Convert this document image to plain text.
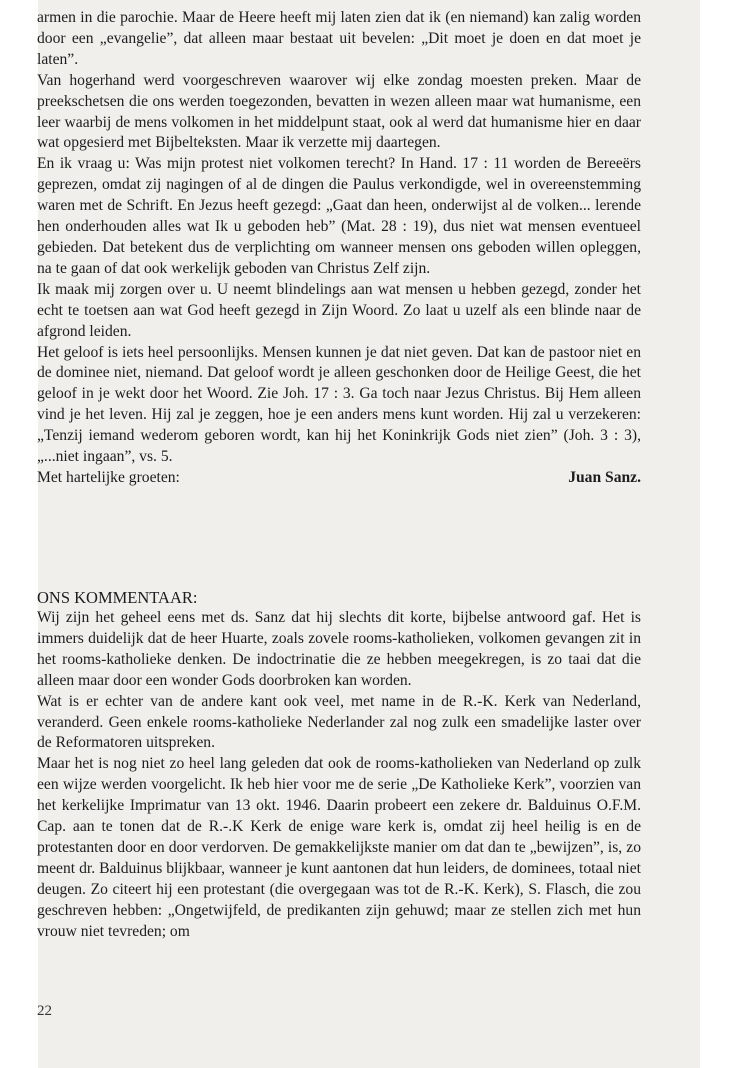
armen in die parochie. Maar de Heere heeft mij laten zien dat ik (en niemand) kan zalig worden door een „evangelie”, dat alleen maar bestaat uit bevelen: „Dit moet je doen en dat moet je laten”.

Van hogerhand werd voorgeschreven waarover wij elke zondag moesten preken. Maar de preekschetsen die ons werden toegezonden, bevatten in wezen alleen maar wat humanisme, een leer waarbij de mens volkomen in het middelpunt staat, ook al werd dat humanisme hier en daar wat opgesierd met Bijbelteksten. Maar ik verzette mij daartegen.

En ik vraag u: Was mijn protest niet volkomen terecht? In Hand. 17 : 11 worden de Bereeërs geprezen, omdat zij nagingen of al de dingen die Paulus verkondigde, wel in overeenstemming waren met de Schrift. En Jezus heeft gezegd: „Gaat dan heen, onderwijst al de volken... lerende hen onderhouden alles wat Ik u geboden heb” (Mat. 28 : 19), dus niet wat mensen eventueel gebieden. Dat betekent dus de verplichting om wanneer mensen ons geboden willen opleggen, na te gaan of dat ook werkelijk geboden van Christus Zelf zijn.

Ik maak mij zorgen over u. U neemt blindelings aan wat mensen u hebben gezegd, zonder het echt te toetsen aan wat God heeft gezegd in Zijn Woord. Zo laat u uzelf als een blinde naar de afgrond leiden.

Het geloof is iets heel persoonlijks. Mensen kunnen je dat niet geven. Dat kan de pastoor niet en de dominee niet, niemand. Dat geloof wordt je alleen geschonken door de Heilige Geest, die het geloof in je wekt door het Woord. Zie Joh. 17 : 3. Ga toch naar Jezus Christus. Bij Hem alleen vind je het leven. Hij zal je zeggen, hoe je een anders mens kunt worden. Hij zal u verzekeren: „Tenzij iemand wederom geboren wordt, kan hij het Koninkrijk Gods niet zien” (Joh. 3 : 3), „...niet ingaan”, vs. 5.

Met hartelijke groeten:	Juan Sanz.
ONS KOMMENTAAR:

Wij zijn het geheel eens met ds. Sanz dat hij slechts dit korte, bijbelse antwoord gaf. Het is immers duidelijk dat de heer Huarte, zoals zovele rooms-katholieken, volkomen gevangen zit in het rooms-katholieke denken. De indoctrinatie die ze hebben meegekregen, is zo taai dat die alleen maar door een wonder Gods doorbroken kan worden.

Wat is er echter van de andere kant ook veel, met name in de R.-K. Kerk van Nederland, veranderd. Geen enkele rooms-katholieke Nederlander zal nog zulk een smadelijke laster over de Reformatoren uitspreken.

Maar het is nog niet zo heel lang geleden dat ook de rooms-katholieken van Nederland op zulk een wijze werden voorgelicht. Ik heb hier voor me de serie „De Katholieke Kerk”, voorzien van het kerkelijke Imprimatur van 13 okt. 1946. Daarin probeert een zekere dr. Balduinus O.F.M. Cap. aan te tonen dat de R.-.K Kerk de enige ware kerk is, omdat zij heel heilig is en de protestanten door en door verdorven. De gemakkelijkste manier om dat dan te „bewijzen”, is, zo meent dr. Balduinus blijkbaar, wanneer je kunt aantonen dat hun leiders, de dominees, totaal niet deugen. Zo citeert hij een protestant (die overgegaan was tot de R.-K. Kerk), S. Flasch, die zou geschreven hebben: „Ongetwijfeld, de predikanten zijn gehuwd; maar ze stellen zich met hun vrouw niet tevreden; om

22
